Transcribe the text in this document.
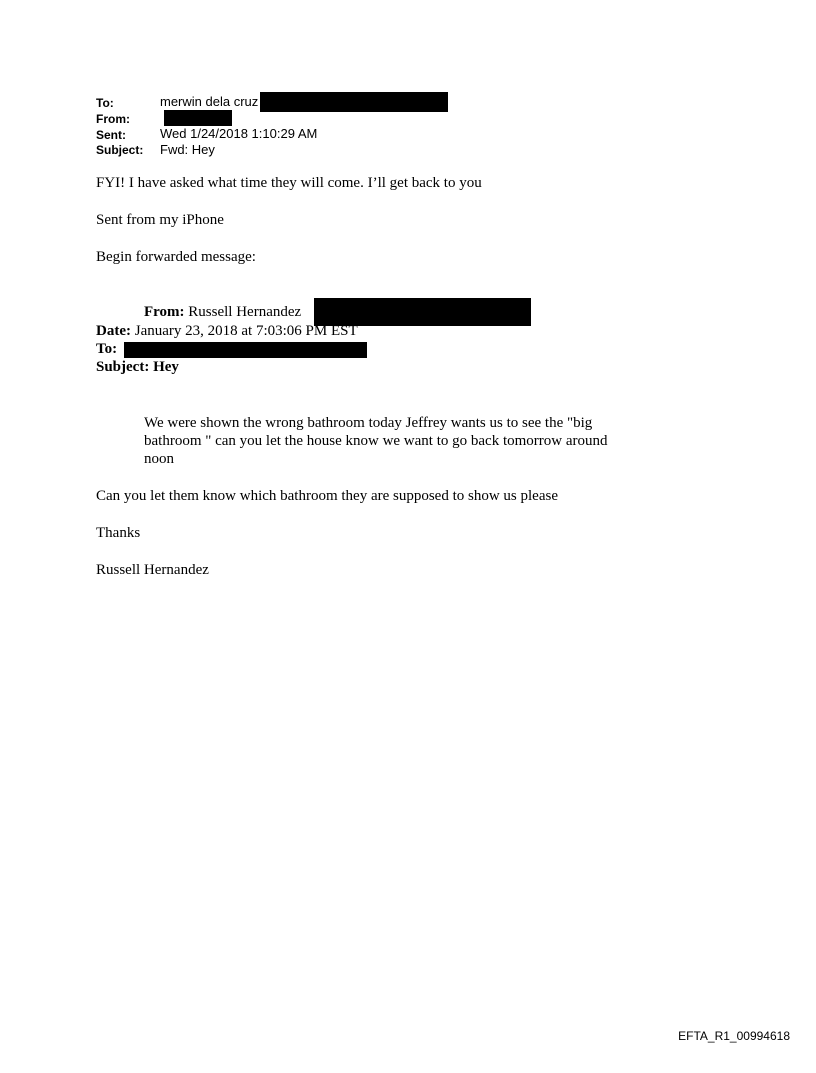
To:	merwin dela cruz
From:
Sent:	Wed 1/24/2018 1:10:29 AM
Subject: Fwd: Hey
FYI! I have asked what time they will come. I’ll get back to you
Sent from my iPhone
Begin forwarded message:
From: Russell Hernandez
Date: January 23, 2018 at 7:03:06 PM EST
To:
Subject: Hey
We were shown the wrong bathroom today Jeffrey wants us to see the "big
bathroom " can you let the house know we want to go back tomorrow around
noon
Can you let them know which bathroom they are supposed to show us please
Thanks
Russell Hernandez
EFTA_R1_00994618
